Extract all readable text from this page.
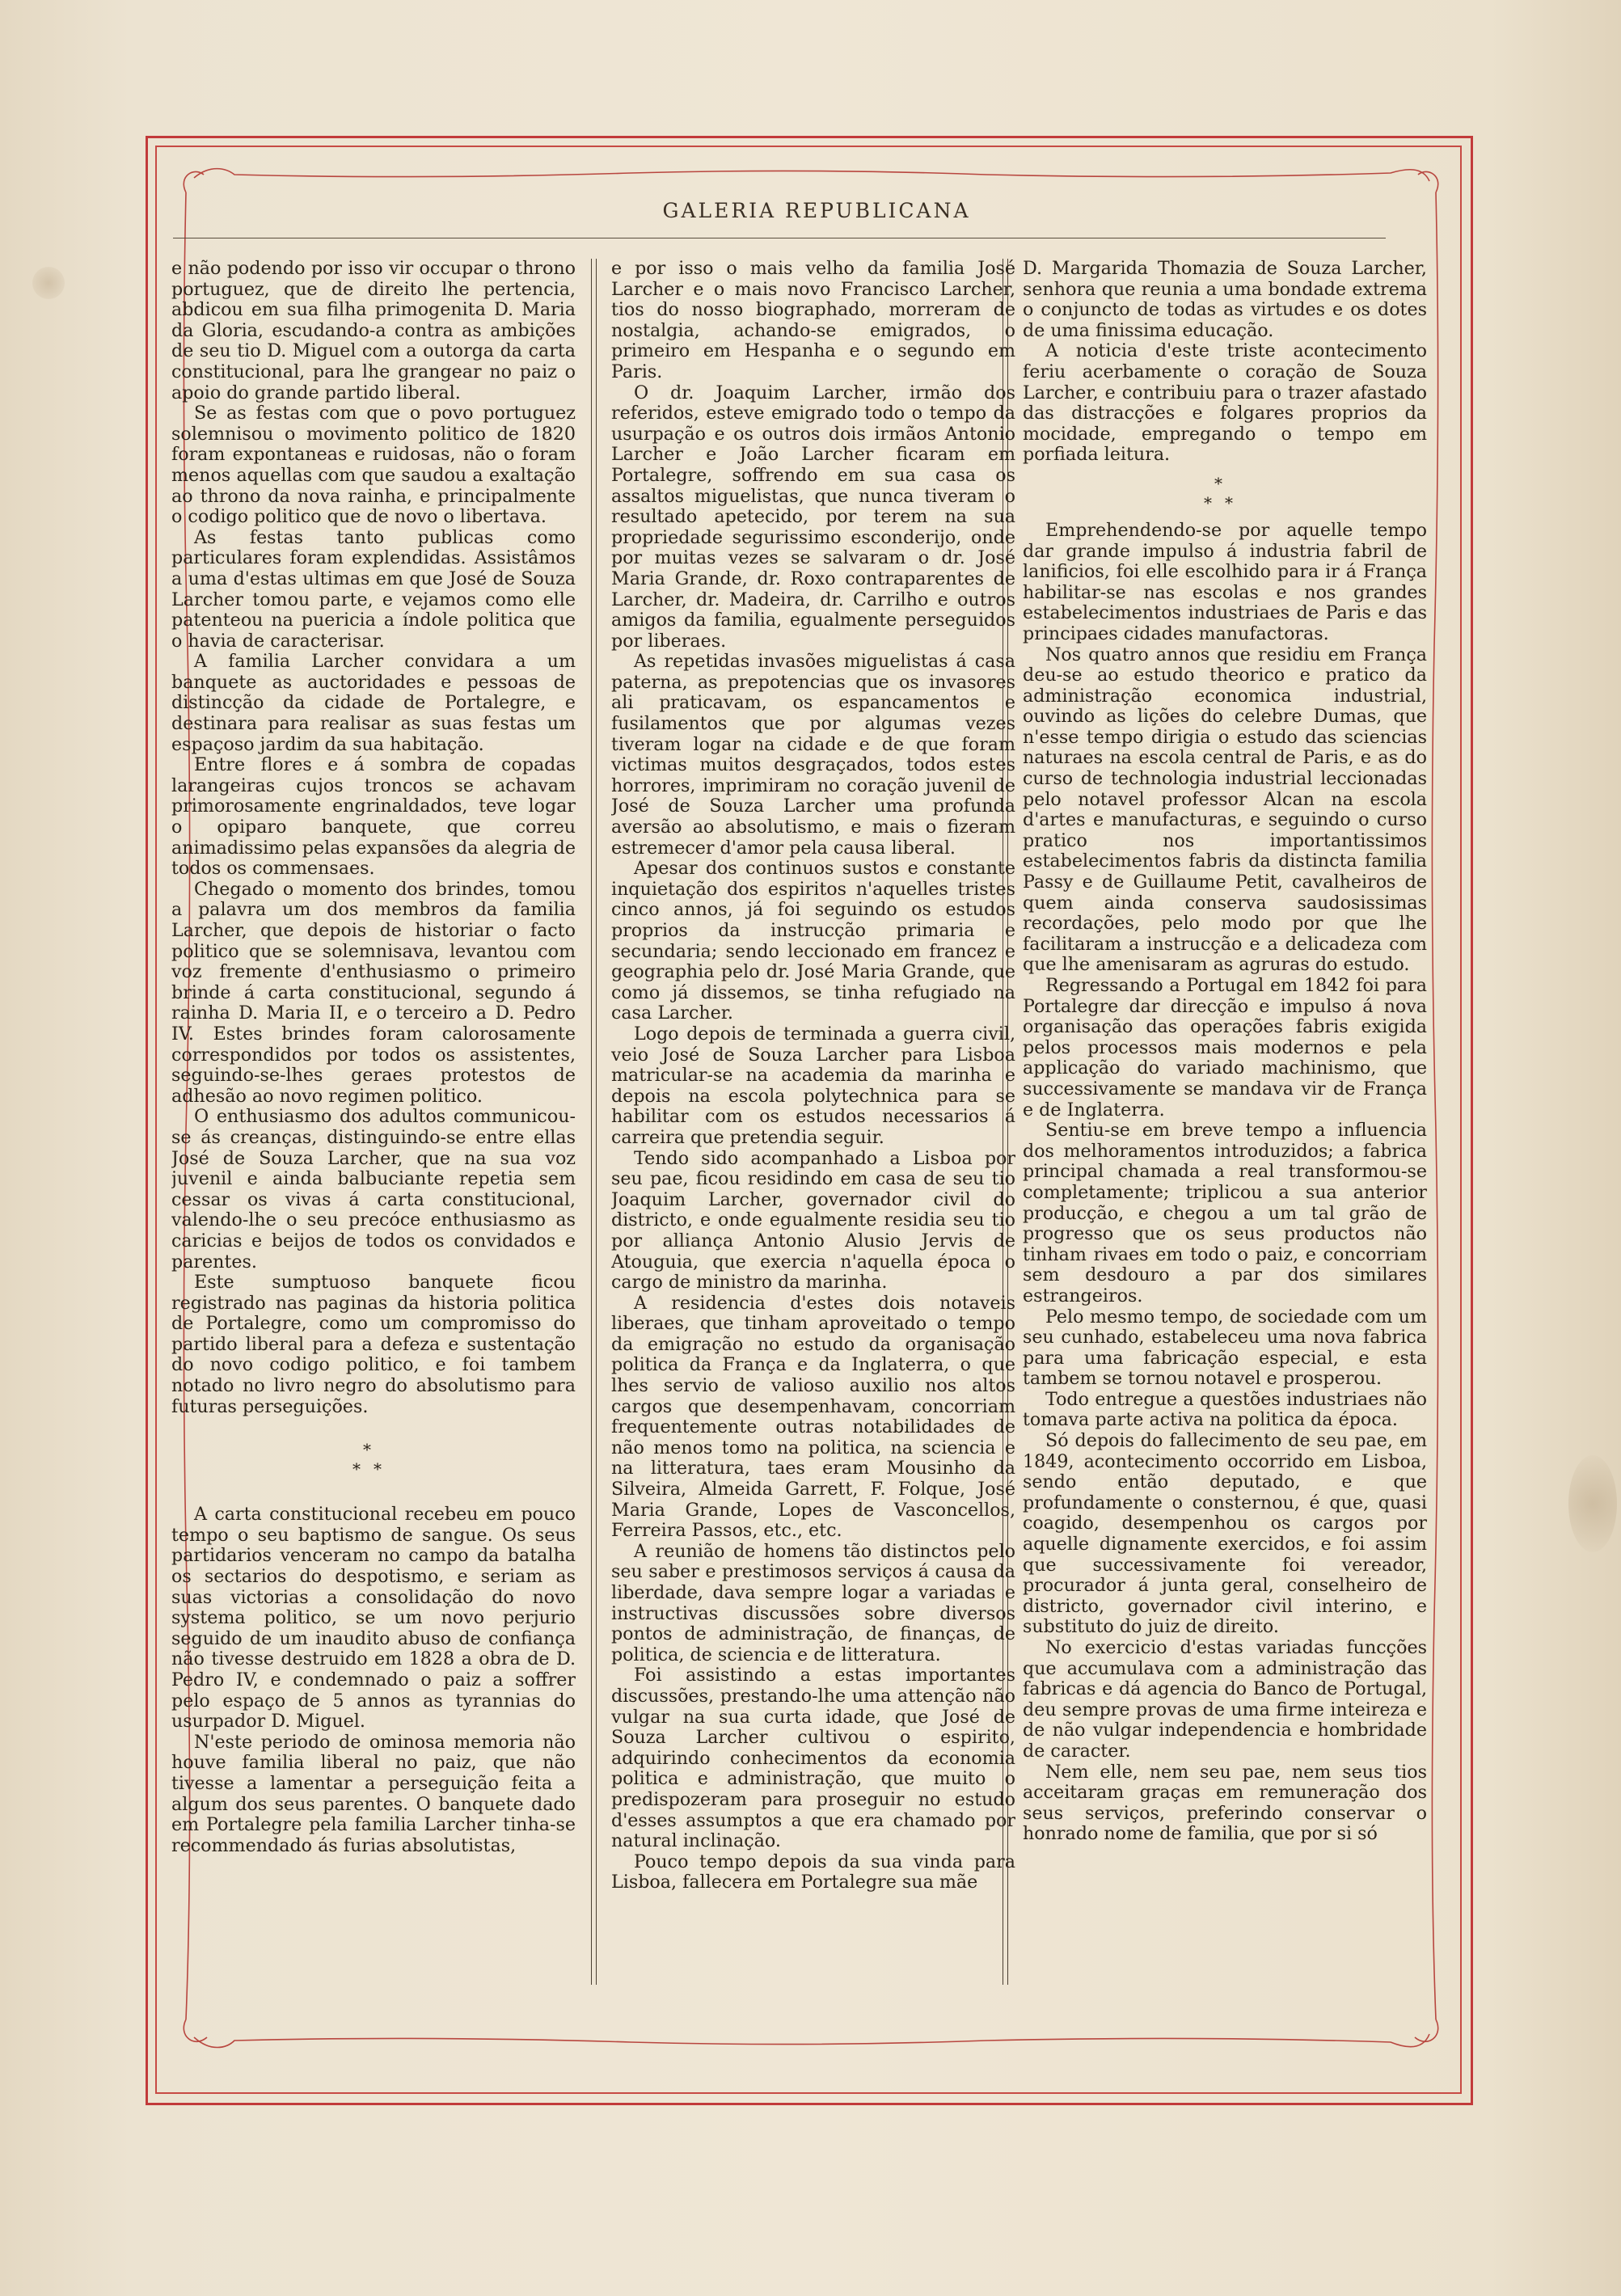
GALERIA REPUBLICANA

e não podendo por isso vir occupar o throno portuguez, que de direito lhe pertencia, abdicou em sua filha primogenita D. Maria da Gloria, escudando-a contra as ambições de seu tio D. Miguel com a outorga da carta constitucional, para lhe grangear no paiz o apoio do grande partido liberal.

Se as festas com que o povo portuguez solemnisou o movimento politico de 1820 foram expontaneas e ruidosas, não o foram menos aquellas com que saudou a exaltação ao throno da nova rainha, e principalmente o codigo politico que de novo o libertava.

As festas tanto publicas como particulares foram explendidas. Assistâmos a uma d'estas ultimas em que José de Souza Larcher tomou parte, e vejamos como elle patenteou na puericia a índole politica que o havia de caracterisar.

A familia Larcher convidara a um banquete as auctoridades e pessoas de distincção da cidade de Portalegre, e destinara para realisar as suas festas um espaçoso jardim da sua habitação.

Entre flores e á sombra de copadas larangeiras cujos troncos se achavam primorosamente engrinaldados, teve logar o opiparo banquete, que correu animadissimo pelas expansões da alegria de todos os commensaes.

Chegado o momento dos brindes, tomou a palavra um dos membros da familia Larcher, que depois de historiar o facto politico que se solemnisava, levantou com voz fremente d'enthusiasmo o primeiro brinde á carta constitucional, segundo á rainha D. Maria II, e o terceiro a D. Pedro IV. Estes brindes foram calorosamente correspondidos por todos os assistentes, seguindo-se-lhes geraes protestos de adhesão ao novo regimen politico.

O enthusiasmo dos adultos communicou-se ás creanças, distinguindo-se entre ellas José de Souza Larcher, que na sua voz juvenil e ainda balbuciante repetia sem cessar os vivas á carta constitucional, valendo-lhe o seu precóce enthusiasmo as caricias e beijos de todos os convidados e parentes.

Este sumptuoso banquete ficou registrado nas paginas da historia politica de Portalegre, como um compromisso do partido liberal para a defeza e sustentação do novo codigo politico, e foi tambem notado no livro negro do absolutismo para futuras perseguições.

*
**

A carta constitucional recebeu em pouco tempo o seu baptismo de sangue. Os seus partidarios venceram no campo da batalha os sectarios do despotismo, e seriam as suas victorias a consolidação do novo systema politico, se um novo perjurio seguido de um inaudito abuso de confiança não tivesse destruido em 1828 a obra de D. Pedro IV, e condemnado o paiz a soffrer pelo espaço de 5 annos as tyrannias do usurpador D. Miguel.

N'este periodo de ominosa memoria não houve familia liberal no paiz, que não tivesse a lamentar a perseguição feita a algum dos seus parentes. O banquete dado em Portalegre pela familia Larcher tinha-se recommendado ás furias absolutistas,

e por isso o mais velho da familia José Larcher e o mais novo Francisco Larcher, tios do nosso biographado, morreram de nostalgia, achando-se emigrados, o primeiro em Hespanha e o segundo em Paris.

O dr. Joaquim Larcher, irmão dos referidos, esteve emigrado todo o tempo da usurpação e os outros dois irmãos Antonio Larcher e João Larcher ficaram em Portalegre, soffrendo em sua casa os assaltos miguelistas, que nunca tiveram o resultado apetecido, por terem na sua propriedade segurissimo esconderijo, onde por muitas vezes se salvaram o dr. José Maria Grande, dr. Roxo contraparentes de Larcher, dr. Madeira, dr. Carrilho e outros amigos da familia, egualmente perseguidos por liberaes.

As repetidas invasões miguelistas á casa paterna, as prepotencias que os invasores ali praticavam, os espancamentos e fusilamentos que por algumas vezes tiveram logar na cidade e de que foram victimas muitos desgraçados, todos estes horrores, imprimiram no coração juvenil de José de Souza Larcher uma profunda aversão ao absolutismo, e mais o fizeram estremecer d'amor pela causa liberal.

Apesar dos continuos sustos e constante inquietação dos espiritos n'aquelles tristes cinco annos, já foi seguindo os estudos proprios da instrucção primaria e secundaria; sendo leccionado em francez e geographia pelo dr. José Maria Grande, que como já dissemos, se tinha refugiado na casa Larcher.

Logo depois de terminada a guerra civil, veio José de Souza Larcher para Lisboa matricular-se na academia da marinha e depois na escola polytechnica para se habilitar com os estudos necessarios á carreira que pretendia seguir.

Tendo sido acompanhado a Lisboa por seu pae, ficou residindo em casa de seu tio Joaquim Larcher, governador civil do districto, e onde egualmente residia seu tio por alliança Antonio Alusio Jervis de Atouguia, que exercia n'aquella época o cargo de ministro da marinha.

A residencia d'estes dois notaveis liberaes, que tinham aproveitado o tempo da emigração no estudo da organisação politica da França e da Inglaterra, o que lhes servio de valioso auxilio nos altos cargos que desempenhavam, concorriam frequentemente outras notabilidades de não menos tomo na politica, na sciencia e na litteratura, taes eram Mousinho da Silveira, Almeida Garrett, F. Folque, José Maria Grande, Lopes de Vasconcellos, Ferreira Passos, etc., etc.

A reunião de homens tão distinctos pelo seu saber e prestimosos serviços á causa da liberdade, dava sempre logar a variadas e instructivas discussões sobre diversos pontos de administração, de finanças, de politica, de sciencia e de litteratura.

Foi assistindo a estas importantes discussões, prestando-lhe uma attenção não vulgar na sua curta idade, que José de Souza Larcher cultivou o espirito, adquirindo conhecimentos da economia politica e administração, que muito o predispozeram para proseguir no estudo d'esses assumptos a que era chamado por natural inclinação.

Pouco tempo depois da sua vinda para Lisboa, fallecera em Portalegre sua mãe

D. Margarida Thomazia de Souza Larcher, senhora que reunia a uma bondade extrema o conjuncto de todas as virtudes e os dotes de uma finissima educação.

A noticia d'este triste acontecimento feriu acerbamente o coração de Souza Larcher, e contribuiu para o trazer afastado das distracções e folgares proprios da mocidade, empregando o tempo em porfiada leitura.

*
**

Emprehendendo-se por aquelle tempo dar grande impulso á industria fabril de lanificios, foi elle escolhido para ir á França habilitar-se nas escolas e nos grandes estabelecimentos industriaes de Paris e das principaes cidades manufactoras.

Nos quatro annos que residiu em França deu-se ao estudo theorico e pratico da administração economica industrial, ouvindo as lições do celebre Dumas, que n'esse tempo dirigia o estudo das sciencias naturaes na escola central de Paris, e as do curso de technologia industrial leccionadas pelo notavel professor Alcan na escola d'artes e manufacturas, e seguindo o curso pratico nos importantissimos estabelecimentos fabris da distincta familia Passy e de Guillaume Petit, cavalheiros de quem ainda conserva saudosissimas recordações, pelo modo por que lhe facilitaram a instrucção e a delicadeza com que lhe amenisaram as agruras do estudo.

Regressando a Portugal em 1842 foi para Portalegre dar direcção e impulso á nova organisação das operações fabris exigida pelos processos mais modernos e pela applicação do variado machinismo, que successivamente se mandava vir de França e de Inglaterra.

Sentiu-se em breve tempo a influencia dos melhoramentos introduzidos; a fabrica principal chamada a real transformou-se completamente; triplicou a sua anterior producção, e chegou a um tal grão de progresso que os seus productos não tinham rivaes em todo o paiz, e concorriam sem desdouro a par dos similares estrangeiros.

Pelo mesmo tempo, de sociedade com um seu cunhado, estabeleceu uma nova fabrica para uma fabricação especial, e esta tambem se tornou notavel e prosperou.

Todo entregue a questões industriaes não tomava parte activa na politica da época.

Só depois do fallecimento de seu pae, em 1849, acontecimento occorrido em Lisboa, sendo então deputado, e que profundamente o consternou, é que, quasi coagido, desempenhou os cargos por aquelle dignamente exercidos, e foi assim que successivamente foi vereador, procurador á junta geral, conselheiro de districto, governador civil interino, e substituto do juiz de direito.

No exercicio d'estas variadas funcções que accumulava com a administração das fabricas e dá agencia do Banco de Portugal, deu sempre provas de uma firme inteireza e de não vulgar independencia e hombridade de caracter.

Nem elle, nem seu pae, nem seus tios acceitaram graças em remuneração dos seus serviços, preferindo conservar o honrado nome de familia, que por si só
